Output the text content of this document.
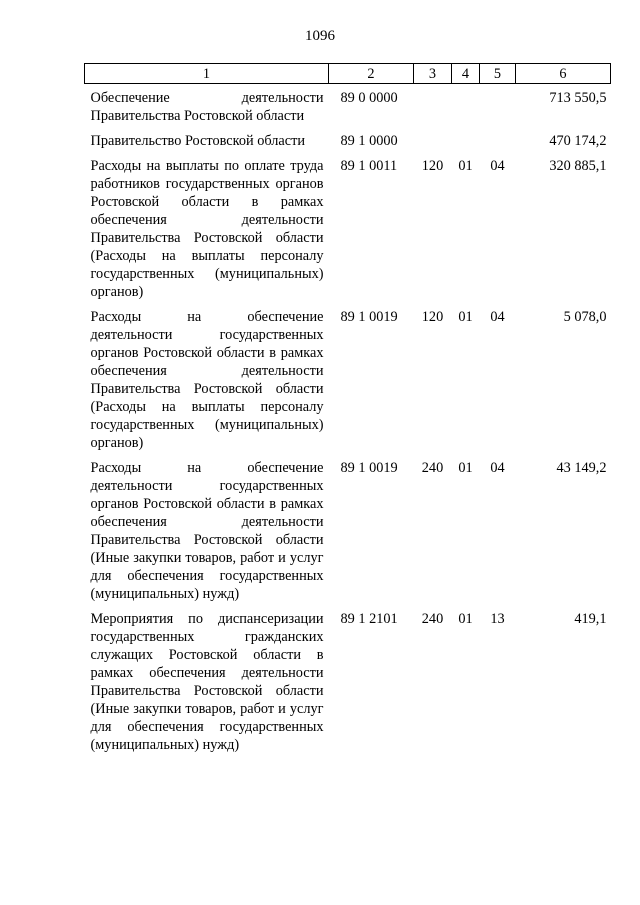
1096
1	2	3	4	5	6
Обеспечение деятельности Правительства Ростовской области	89 0 0000				713 550,5
Правительство Ростовской области	89 1 0000				470 174,2
Расходы на выплаты по оплате труда работников государственных органов Ростовской области в рамках обеспечения деятельности Правительства Ростовской области (Расходы на выплаты персоналу государственных (муниципальных) органов)	89 1 0011	120	01	04	320 885,1
Расходы на обеспечение деятельности государственных органов Ростовской области в рамках обеспечения деятельности Правительства Ростовской области (Расходы на выплаты персоналу государственных (муниципальных) органов)	89 1 0019	120	01	04	5 078,0
Расходы на обеспечение деятельности государственных органов Ростовской области в рамках обеспечения деятельности Правительства Ростовской области (Иные закупки товаров, работ и услуг для обеспечения государственных (муниципальных) нужд)	89 1 0019	240	01	04	43 149,2
Мероприятия по диспансеризации государственных гражданских служащих Ростовской области в рамках обеспечения деятельности Правительства Ростовской области (Иные закупки товаров, работ и услуг для обеспечения государственных (муниципальных) нужд)	89 1 2101	240	01	13	419,1
